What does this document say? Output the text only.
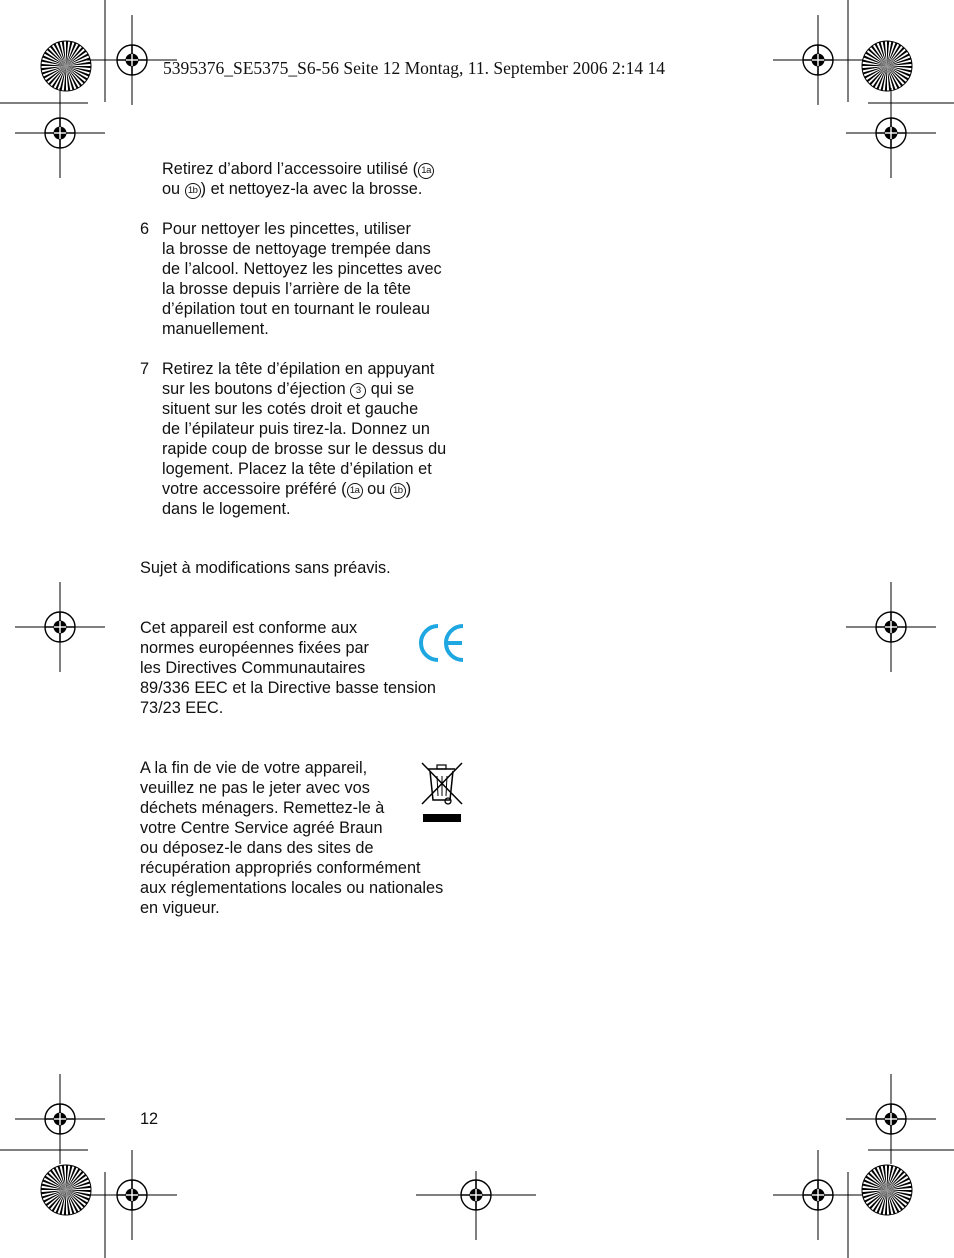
5395376_SE5375_S6-56 Seite 12 Montag, 11. September 2006 2:14 14
Retirez d’abord l’accessoire utilisé ( 1a
ou 1b ) et nettoyez-la avec la brosse.
6 Pour nettoyer les pincettes, utiliser
la brosse de nettoyage trempée dans
de l’alcool. Nettoyez les pincettes avec
la brosse depuis l’arrière de la tête
d’épilation tout en tournant le rouleau
manuellement.
7 Retirez la tête d’épilation en appuyant
sur les boutons d’éjection 3 qui se
situent sur les cotés droit et gauche
de l’épilateur puis tirez-la. Donnez un
rapide coup de brosse sur le dessus du
logement. Placez la tête d’épilation et
votre accessoire préféré ( 1a ou 1b )
dans le logement.
Sujet à modifications sans préavis.
Cet appareil est conforme aux
normes européennes fixées par
les Directives Communautaires
89/336 EEC et la Directive basse tension
73/23 EEC.
A la fin de vie de votre appareil,
veuillez ne pas le jeter avec vos
déchets ménagers. Remettez-le à
votre Centre Service agréé Braun
ou déposez-le dans des sites de
récupération appropriés conformément
aux réglementations locales ou nationales
en vigueur.
12
